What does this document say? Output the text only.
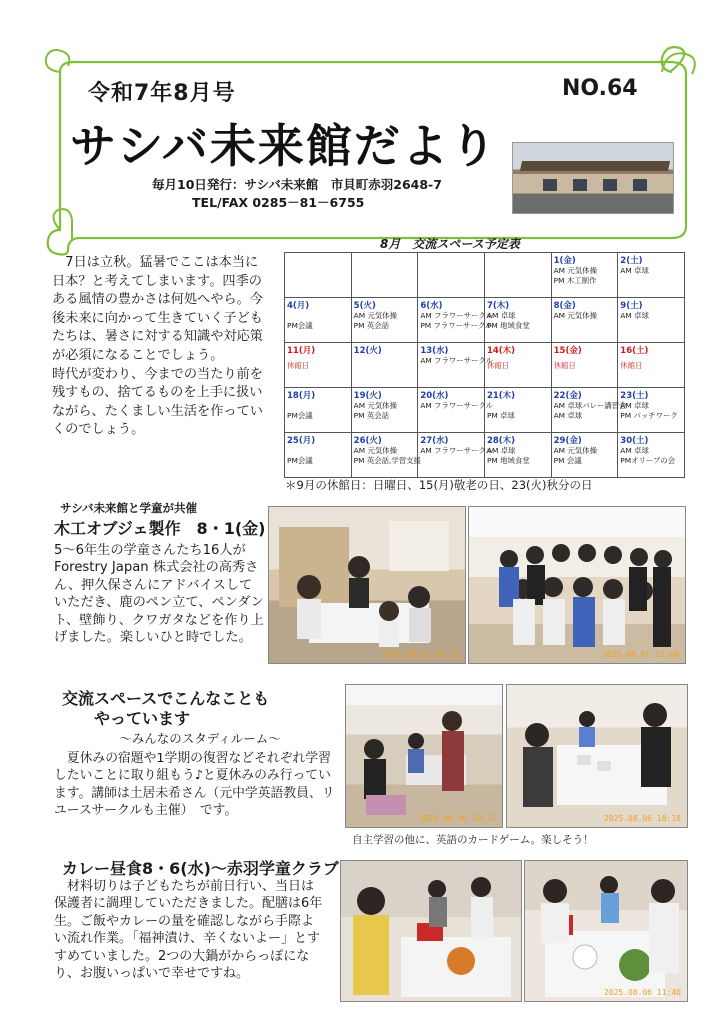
令和7年8月号	NO.64
サシバ未来館だより
毎月10日発行：サシバ未来館　市貝町赤羽2648-7
TEL/FAX 0285－81－6755

　7日は立秋。猛暑でここは本当に日本？と考えてしまいます。四季のある風情の豊かさは何処へやら。今後未来に向かって生きていく子どもたちは、暑さに対する知識や対応策が必須になることでしょう。

時代が変わり、今までの当たり前を残すもの、捨てるものを上手に扱いながら、たくましい生活を作っていくのでしょう。

8月　交流スペース予定表

				1(金)
AM 元気体操
PM 木工制作	2(土)
AM 卓球

4(月)
PM会議	5(火)
AM 元気体操
PM 英会話	6(水)
AM フラワーサークル
PM フラワーサークル	7(木)
AM 卓球
PM 地域食堂	8(金)
AM 元気体操	9(土)
AM 卓球

11(月)
休館日	12(火)	13(水)
AM フラワーサークル	14(木)
休館日	15(金)
休館日	16(土)
休館日

18(月)
PM会議	19(火)
AM 元気体操
PM 英会話	20(水)
AM フラワーサークル	21(木)
PM 卓球	22(金)
AM 卓球バレー講習会
AM 卓球	23(土)
AM 卓球
PM パッチワーク

25(月)
PM会議	26(火)
AM 元気体操
PM 英会話,学習支援	27(水)
AM フラワーサークル	28(木)
AM 卓球
PM 地域食堂	29(金)
AM 元気体操
PM 会議	30(土)
AM 卓球
PMオリーブの会
＊9月の休館日：日曜日、15(月)敬老の日、23(火)秋分の日
サシバ未来館と学童が共催
木工オブジェ製作　8・1(金)
5～6年生の学童さんたち16人がForestry Japan 株式会社の高秀さん、押久保さんにアドバイスしていただき、鹿のペン立て、ペンダント、壁飾り、クワガタなどを作り上げました。楽しいひと時でした。
2025.08.01 14:22	2025.08.01 15:00
交流スペースでこんなことも
やっています
～みんなのスタディルーム～
　夏休みの宿題や1学期の復習などそれぞれ学習したいことに取り組もう♪と夏休みのみ行っています。講師は土居未希さん（元中学英語教員、リユースサークルも主催）　です。
2025.08.06 10:12	2025.08.06 10:18
自主学習の他に、英語のカードゲーム。楽しそう！
カレー昼食8・6(水)～赤羽学童クラブ
　材料切りは子どもたちが前日行い、当日は保護者に調理していただきました。配膳は6年生。ご飯やカレーの量を確認しながら手際よい流れ作業。「福神漬け、辛くないよー」とすすめていました。2つの大鍋がからっぽになり、お腹いっぱいで幸せですね。
2025.08.06 11:40
